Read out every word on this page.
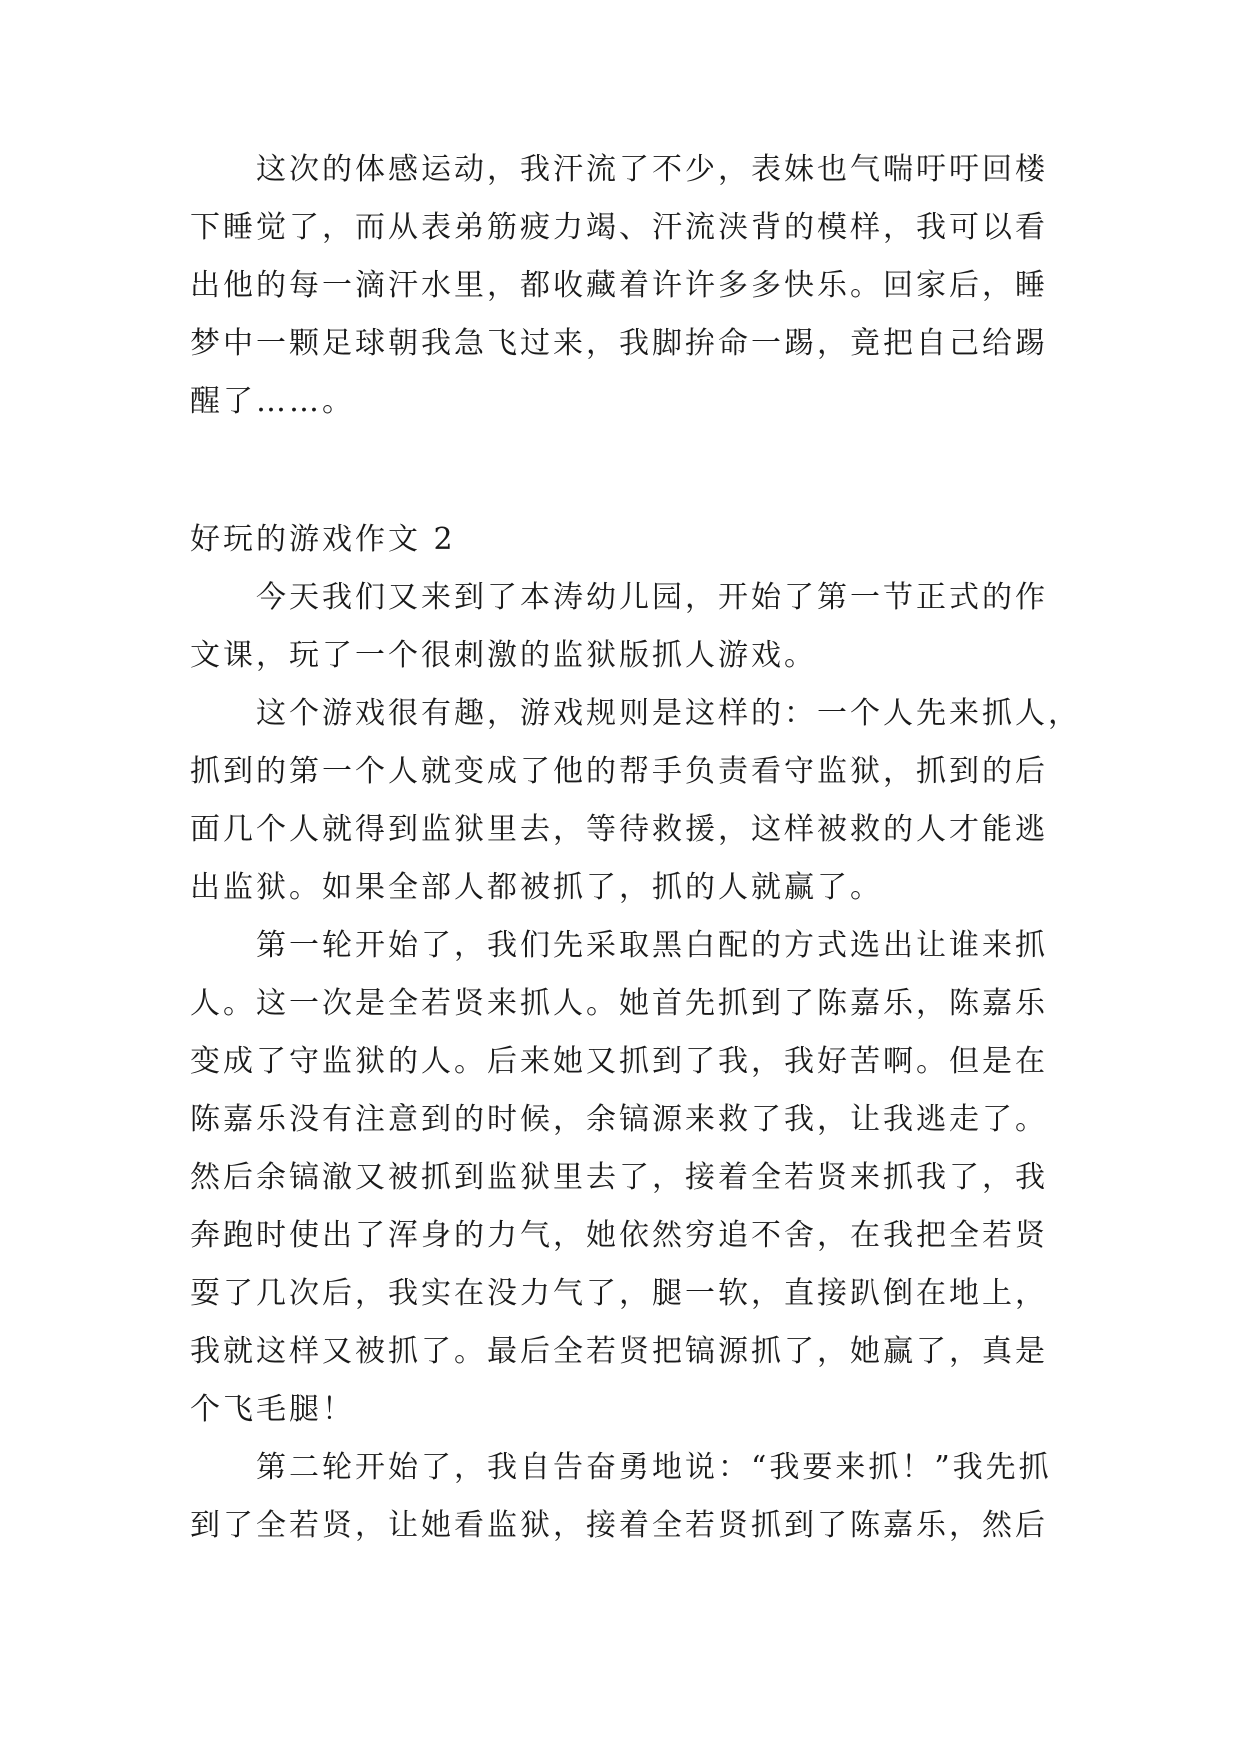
　　这次的体感运动，我汗流了不少，表妹也气喘吁吁回楼
下睡觉了，而从表弟筋疲力竭、汗流浃背的模样，我可以看
出他的每一滴汗水里，都收藏着许许多多快乐。回家后，睡
梦中一颗足球朝我急飞过来，我脚拚命一踢，竟把自己给踢
醒了……。
好玩的游戏作文 2
　　今天我们又来到了本涛幼儿园，开始了第一节正式的作
文课，玩了一个很刺激的监狱版抓人游戏。
　　这个游戏很有趣，游戏规则是这样的：一个人先来抓人，
抓到的第一个人就变成了他的帮手负责看守监狱，抓到的后
面几个人就得到监狱里去，等待救援，这样被救的人才能逃
出监狱。如果全部人都被抓了，抓的人就赢了。
　　第一轮开始了，我们先采取黑白配的方式选出让谁来抓
人。这一次是全若贤来抓人。她首先抓到了陈嘉乐，陈嘉乐
变成了守监狱的人。后来她又抓到了我，我好苦啊。但是在
陈嘉乐没有注意到的时候，余镐源来救了我，让我逃走了。
然后余镐澈又被抓到监狱里去了，接着全若贤来抓我了，我
奔跑时使出了浑身的力气，她依然穷追不舍，在我把全若贤
耍了几次后，我实在没力气了，腿一软，直接趴倒在地上，
我就这样又被抓了。最后全若贤把镐源抓了，她赢了，真是
个飞毛腿！
　　第二轮开始了，我自告奋勇地说：“我要来抓！”我先抓
到了全若贤，让她看监狱，接着全若贤抓到了陈嘉乐，然后
